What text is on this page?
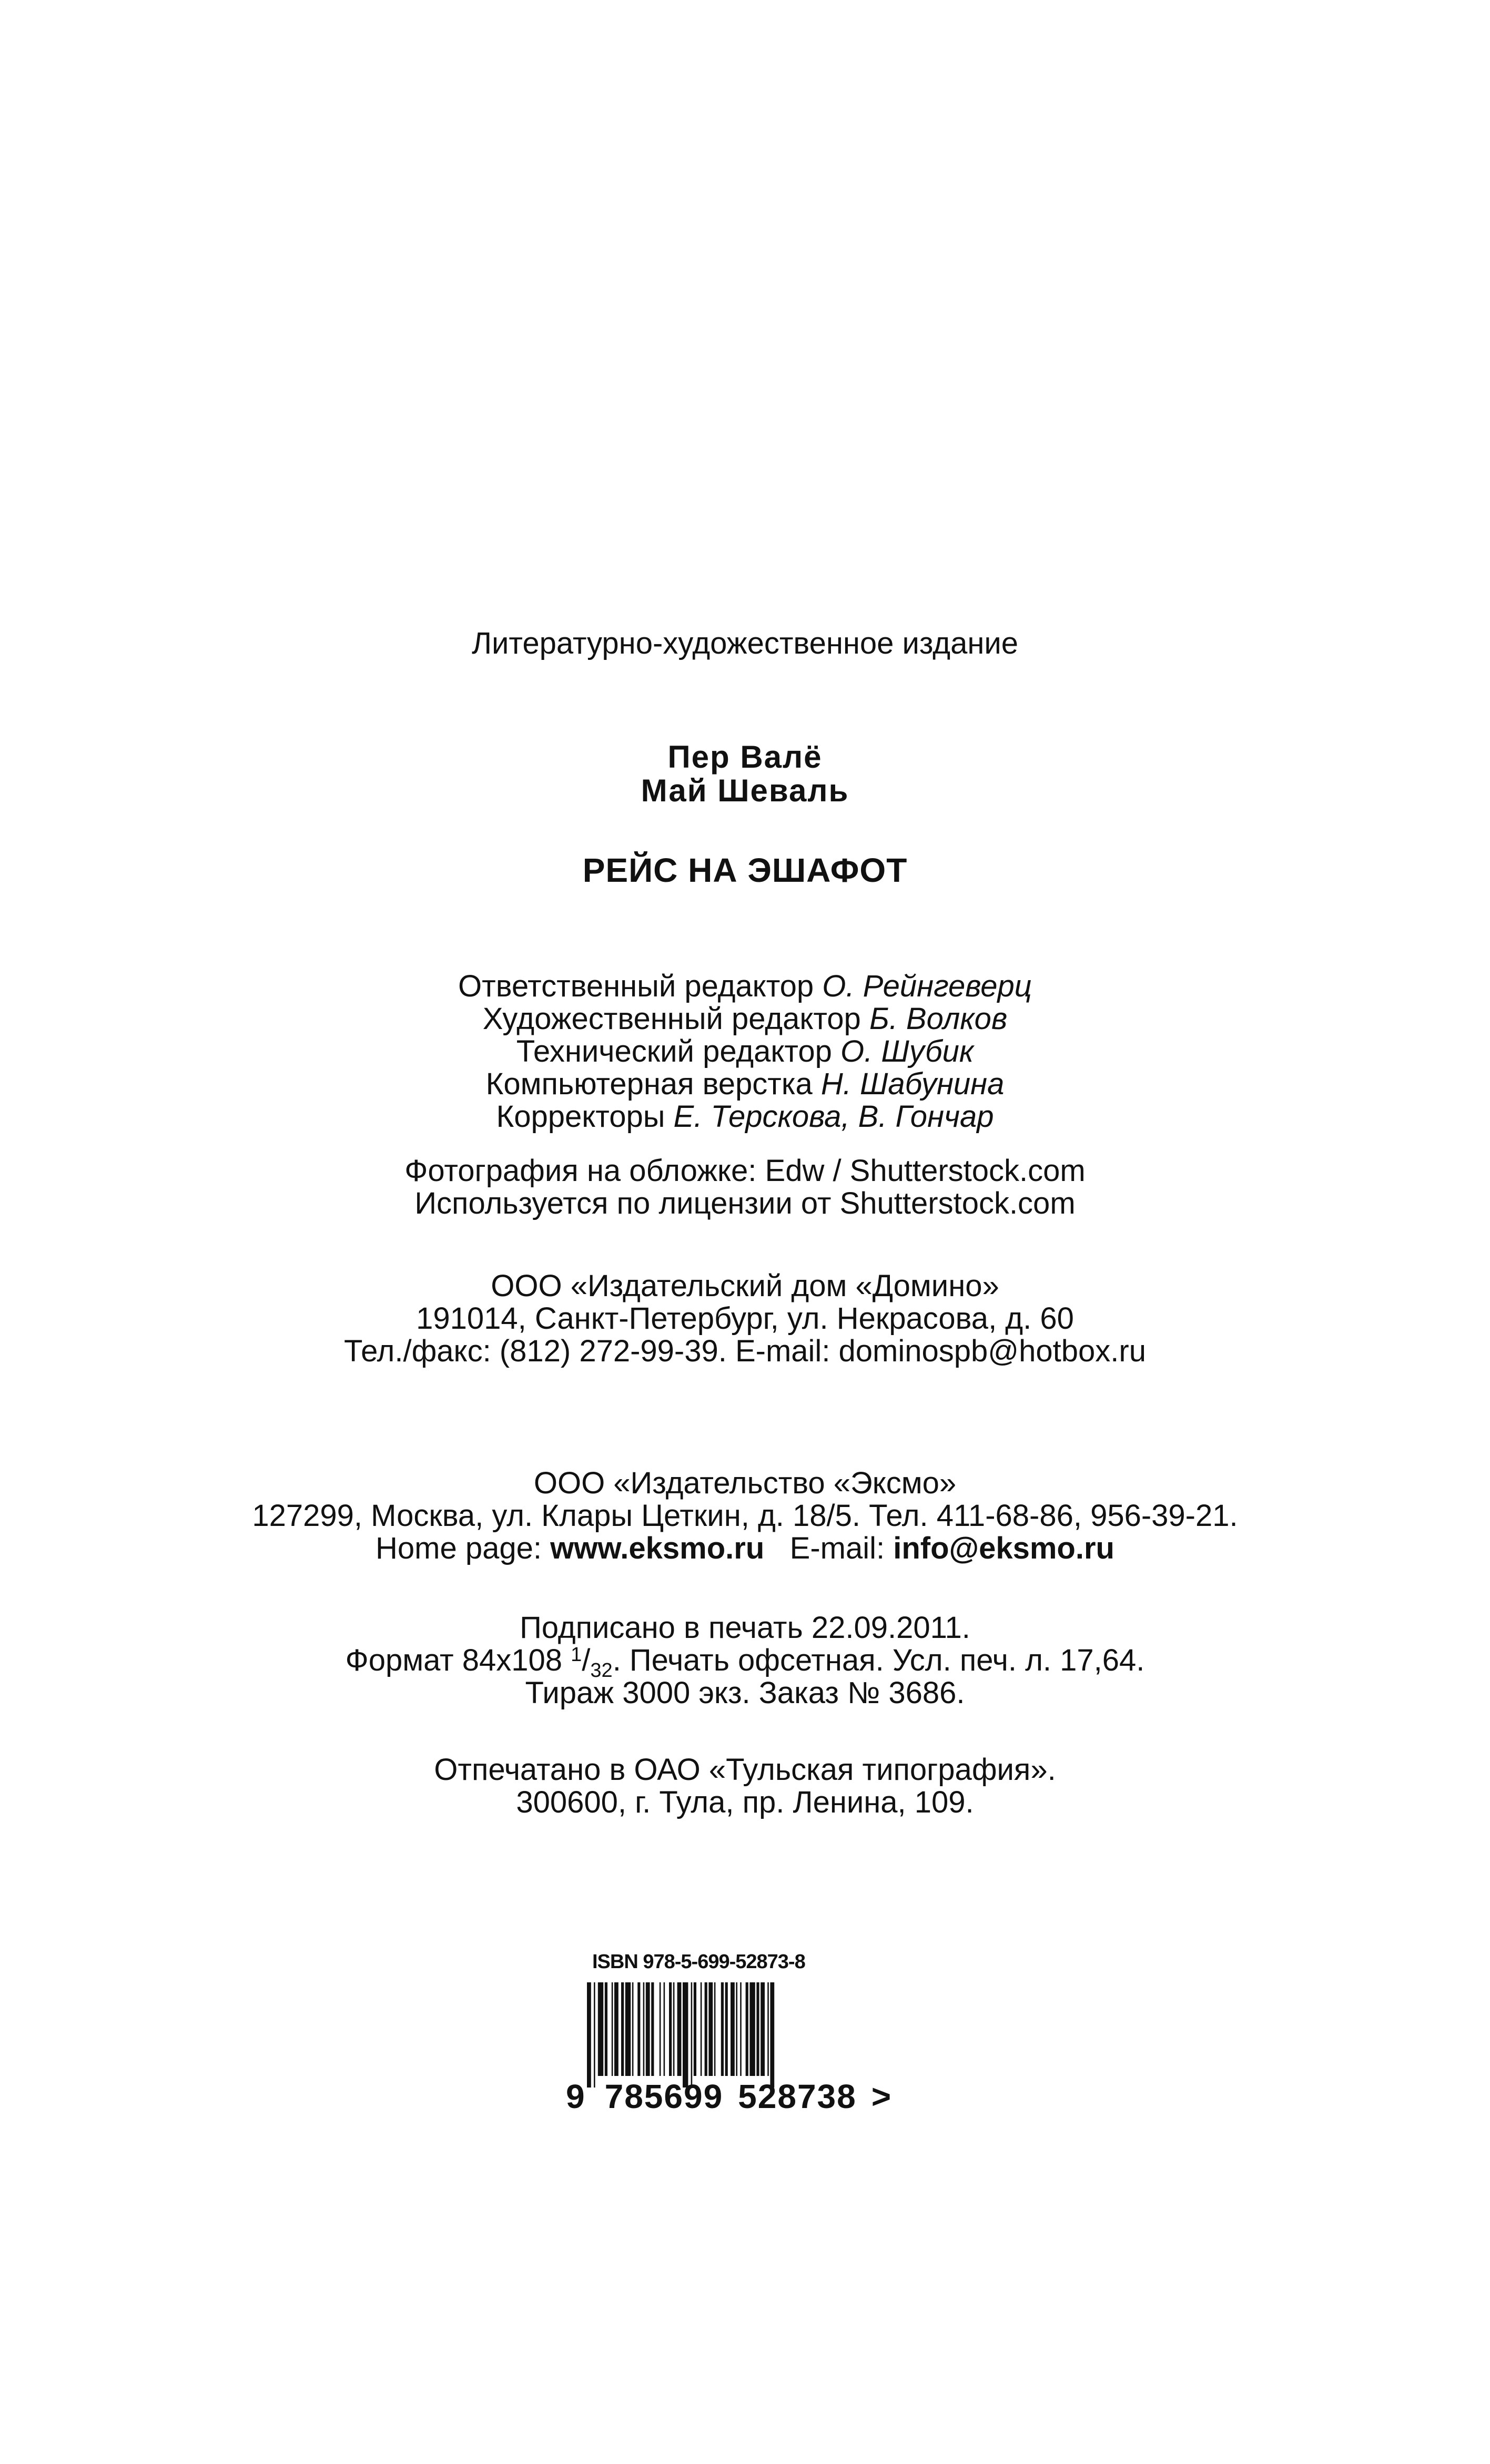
Литературно-художественное издание

Пер Валё
Май Шеваль

РЕЙС НА ЭШАФОТ

Ответственный редактор О. Рейнгеверц
Художественный редактор Б. Волков
Технический редактор О. Шубик
Компьютерная верстка Н. Шабунина
Корректоры Е. Терскова, В. Гончар

Фотография на обложке: Edw / Shutterstock.com
Используется по лицензии от Shutterstock.com

ООО «Издательский дом «Домино»
191014, Санкт-Петербург, ул. Некрасова, д. 60
Тел./факс: (812) 272-99-39. E-mail: dominospb@hotbox.ru

ООО «Издательство «Эксмо»
127299, Москва, ул. Клары Цеткин, д. 18/5. Тел. 411-68-86, 956-39-21.
Home page: www.eksmo.ru E-mail: info@eksmo.ru

Подписано в печать 22.09.2011.
Формат 84х108 $^1/_{32}$. Печать офсетная. Усл. печ. л. 17,64.
Тираж 3000 экз. Заказ № 3686.

Отпечатано в ОАО «Тульская типография».
300600, г. Тула, пр. Ленина, 109.

ISBN 978-5-699-52873-8
9 785699 528738 >
